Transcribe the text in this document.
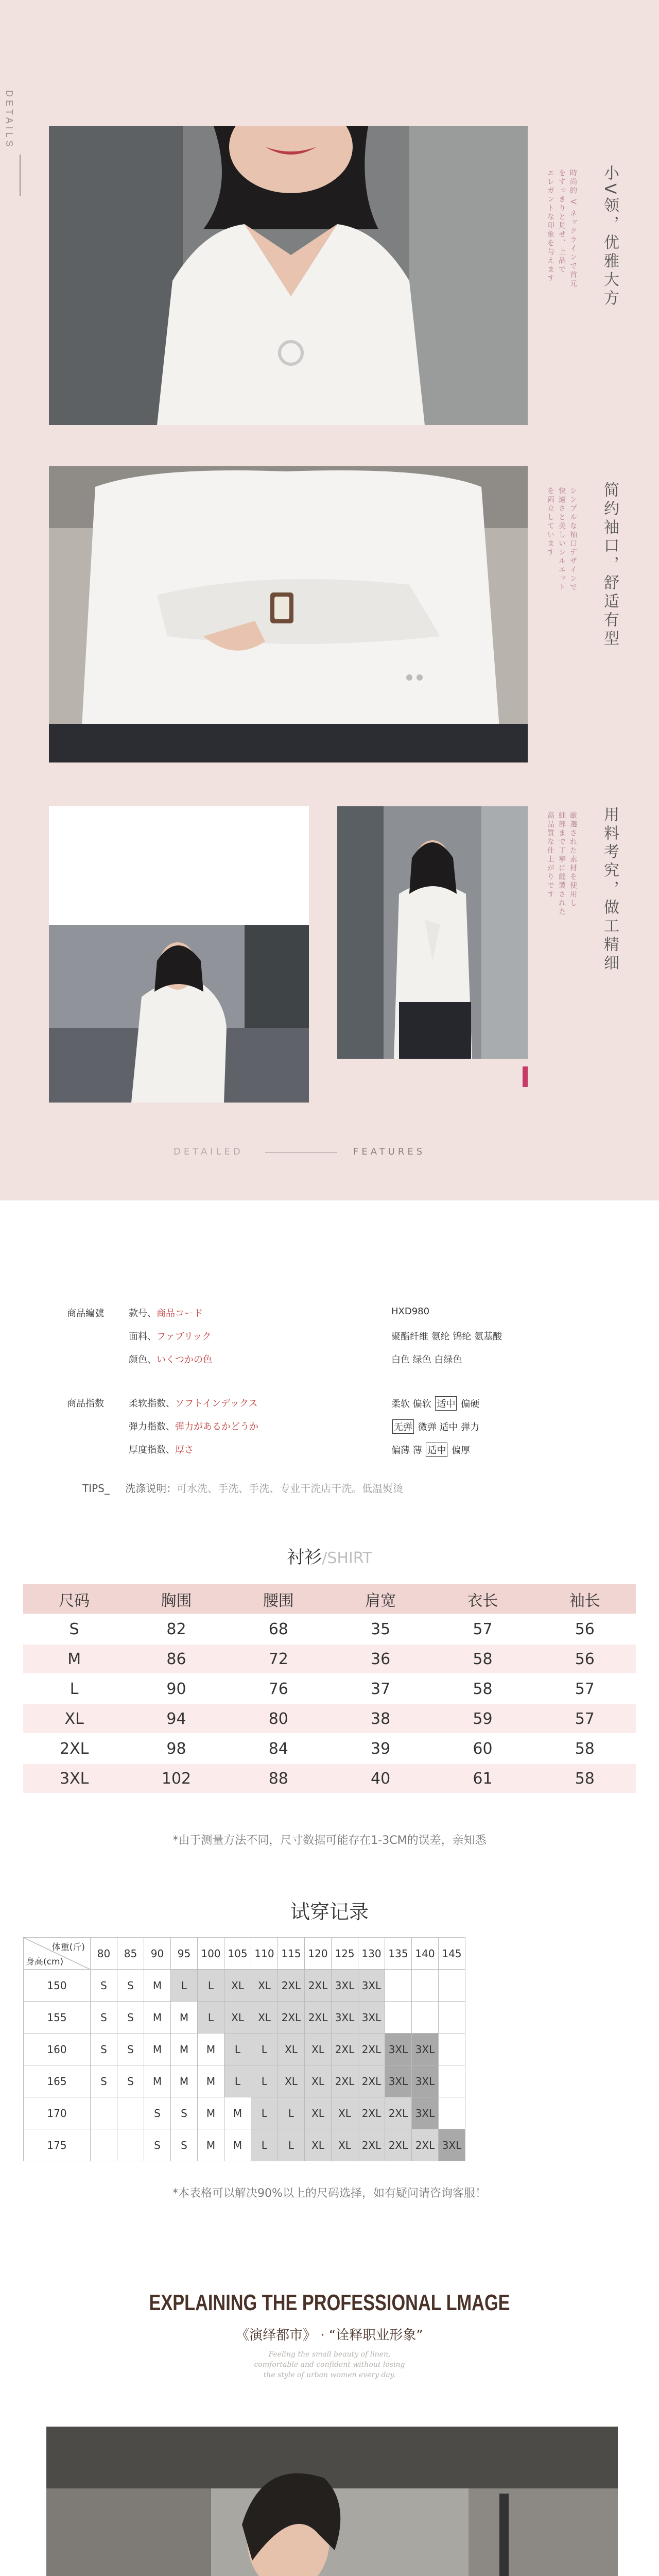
DETAILS
小V领，优雅大方
時尚的 V ネックラインで首元
をすっきりと見せ、上品で
エレガントな印象を与えます
简约袖口，舒适有型
シンプルな袖口デザインで
快適さと美しいシルエット
を両立しています
用料考究，做工精细
厳選された素材を使用し
細部まで丁寧に縫製された
高品質な仕上がりです
DETAILED	FEATURES
商品編號	款号、商品コード	HXD980
面料、ファブリック	聚酯纤维 氨纶 锦纶 氨基酸
颜色、いくつかの色	白色 绿色 白绿色
商品指数	柔软指数、ソフトインデックス	柔软 偏软 适中 偏硬
弹力指数、弾力があるかどうか	无弹 微弹 适中 弹力
厚度指数、厚さ	偏薄 薄 适中 偏厚
TIPS_ 洗涤说明：可水洗、手洗、手洗、专业干洗店干洗。低温熨烫
衬衫/SHIRT
尺码	胸围	腰围	肩宽	衣长	袖长
S	82	68	35	57	56
M	86	72	36	58	56
L	90	76	37	58	57
XL	94	80	38	59	57
2XL	98	84	39	60	58
3XL	102	88	40	61	58
*由于测量方法不同，尺寸数据可能存在1-3CM的误差，亲知悉
试穿记录
体重(斤)
身高(cm)	80	85	90	95	100	105	110	115	120	125	130	135	140	145
150	S	S	M	L	L	XL	XL	2XL	2XL	3XL	3XL			
155	S	S	M	M	L	XL	XL	2XL	2XL	3XL	3XL			
160	S	S	M	M	M	L	L	XL	XL	2XL	2XL	3XL	3XL	
165	S	S	M	M	M	L	L	XL	XL	2XL	2XL	3XL	3XL	
170			S	S	M	M	L	L	XL	XL	2XL	2XL	3XL	
175			S	S	M	M	L	L	XL	XL	2XL	2XL	2XL	3XL
*本表格可以解决90%以上的尺码选择，如有疑问请咨询客服！
EXPLAINING THE PROFESSIONAL LMAGE
《演绎都市》 · “诠释职业形象”
Feeling the small beauty of linen,
comfortable and confident without losing
the style of urban women every day.
